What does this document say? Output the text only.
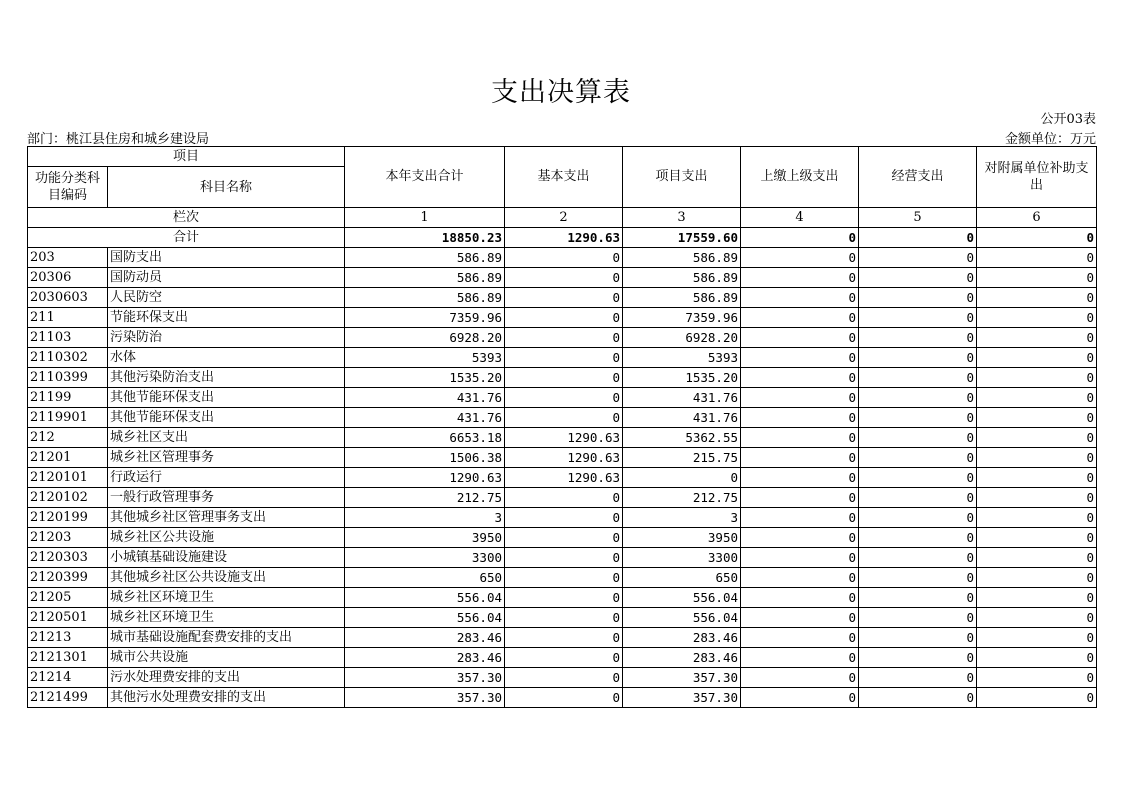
支出决算表
公开03表
部门：桃江县住房和城乡建设局	金额单位：万元
项目		本年支出合计	基本支出	项目支出	上缴上级支出	经营支出	对附属单位补助支出
功能分类科目编码	科目名称						
栏次		1	2	3	4	5	6
合计		18850.23	1290.63	17559.60	0	0	0
203	国防支出	586.89	0	586.89	0	0	0
20306	国防动员	586.89	0	586.89	0	0	0
2030603	人民防空	586.89	0	586.89	0	0	0
211	节能环保支出	7359.96	0	7359.96	0	0	0
21103	污染防治	6928.20	0	6928.20	0	0	0
2110302	水体	5393	0	5393	0	0	0
2110399	其他污染防治支出	1535.20	0	1535.20	0	0	0
21199	其他节能环保支出	431.76	0	431.76	0	0	0
2119901	其他节能环保支出	431.76	0	431.76	0	0	0
212	城乡社区支出	6653.18	1290.63	5362.55	0	0	0
21201	城乡社区管理事务	1506.38	1290.63	215.75	0	0	0
2120101	行政运行	1290.63	1290.63	0	0	0	0
2120102	一般行政管理事务	212.75	0	212.75	0	0	0
2120199	其他城乡社区管理事务支出	3	0	3	0	0	0
21203	城乡社区公共设施	3950	0	3950	0	0	0
2120303	小城镇基础设施建设	3300	0	3300	0	0	0
2120399	其他城乡社区公共设施支出	650	0	650	0	0	0
21205	城乡社区环境卫生	556.04	0	556.04	0	0	0
2120501	城乡社区环境卫生	556.04	0	556.04	0	0	0
21213	城市基础设施配套费安排的支出	283.46	0	283.46	0	0	0
2121301	城市公共设施	283.46	0	283.46	0	0	0
21214	污水处理费安排的支出	357.30	0	357.30	0	0	0
2121499	其他污水处理费安排的支出	357.30	0	357.30	0	0	0
